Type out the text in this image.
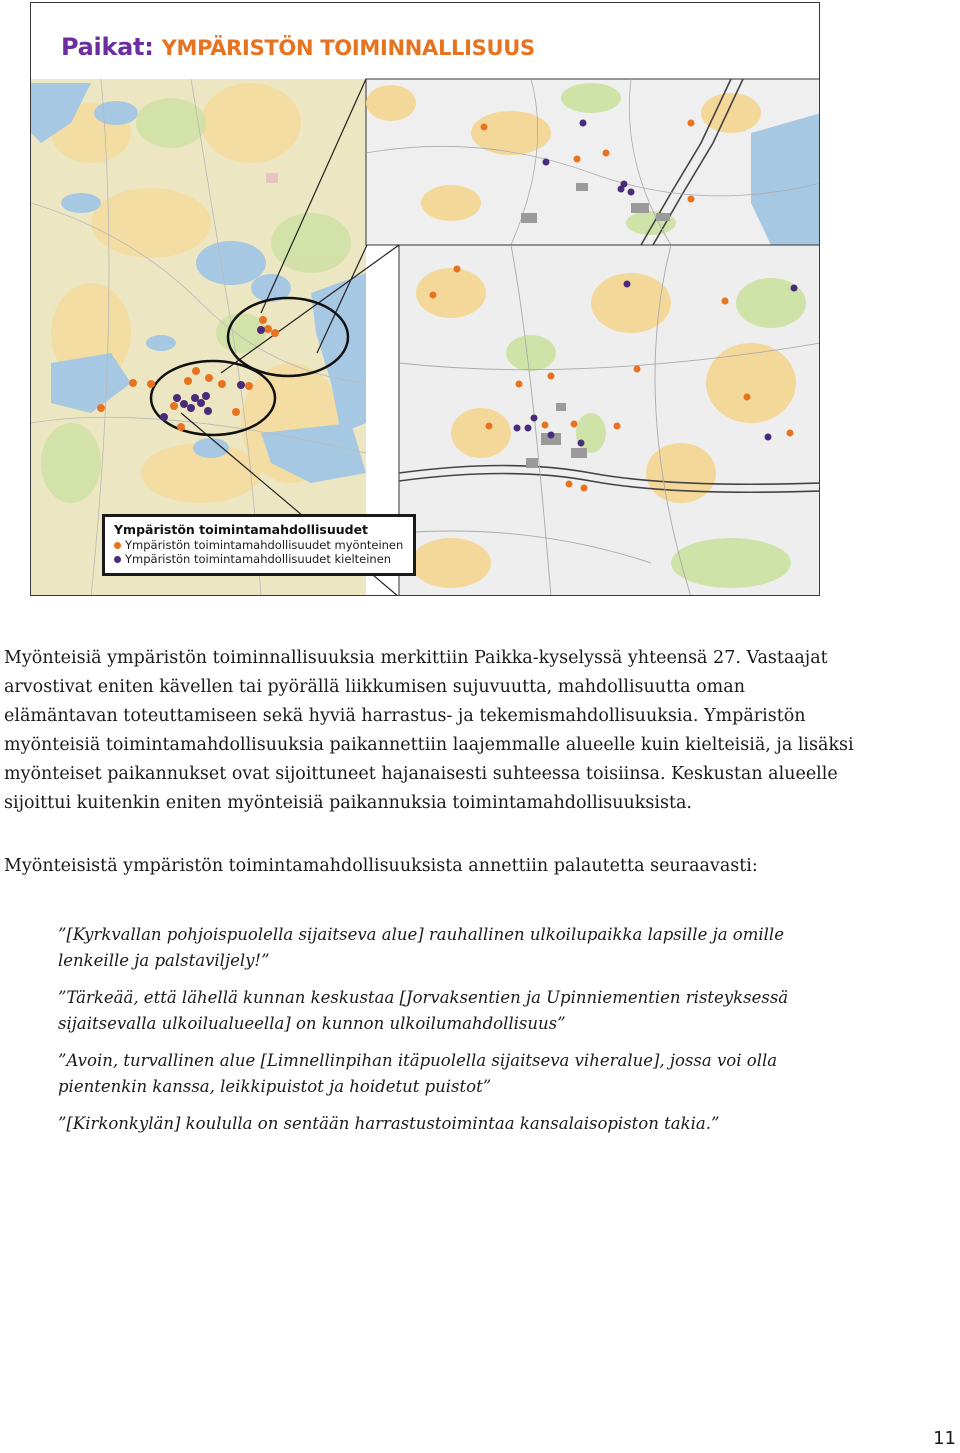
Paikat: YMPÄRISTÖN TOIMINNALLISUUS
Ympäristön toimintamahdollisuudet
Ympäristön toimintamahdollisuudet myönteinen
Ympäristön toimintamahdollisuudet kielteinen

Myönteisiä ympäristön toiminnallisuuksia merkittiin Paikka-kyselyssä yhteensä 27. Vastaajat arvostivat eniten kävellen tai pyörällä liikkumisen sujuvuutta, mahdollisuutta oman elämäntavan toteuttamiseen sekä hyviä harrastus- ja tekemismahdollisuuksia. Ympäristön myönteisiä toimintamahdollisuuksia paikannettiin laajemmalle alueelle kuin kielteisiä, ja lisäksi myönteiset paikannukset ovat sijoittuneet hajanaisesti suhteessa toisiinsa. Keskustan alueelle sijoittui kuitenkin eniten myönteisiä paikannuksia toimintamahdollisuuksista.

Myönteisistä ympäristön toimintamahdollisuuksista annettiin palautetta seuraavasti:

”[Kyrkvallan pohjoispuolella sijaitseva alue] rauhallinen ulkoilupaikka lapsille ja omille lenkeille ja palstaviljely!”

”Tärkeää, että lähellä kunnan keskustaa [Jorvaksentien ja Upinniementien risteyksessä sijaitsevalla ulkoilualueella] on kunnon ulkoilumahdollisuus”

”Avoin, turvallinen alue [Limnellinpihan itäpuolella sijaitseva viheralue], jossa voi olla pientenkin kanssa, leikkipuistot ja hoidetut puistot”

”[Kirkonkylän] koululla on sentään harrastustoimintaa kansalaisopiston takia.”

11
